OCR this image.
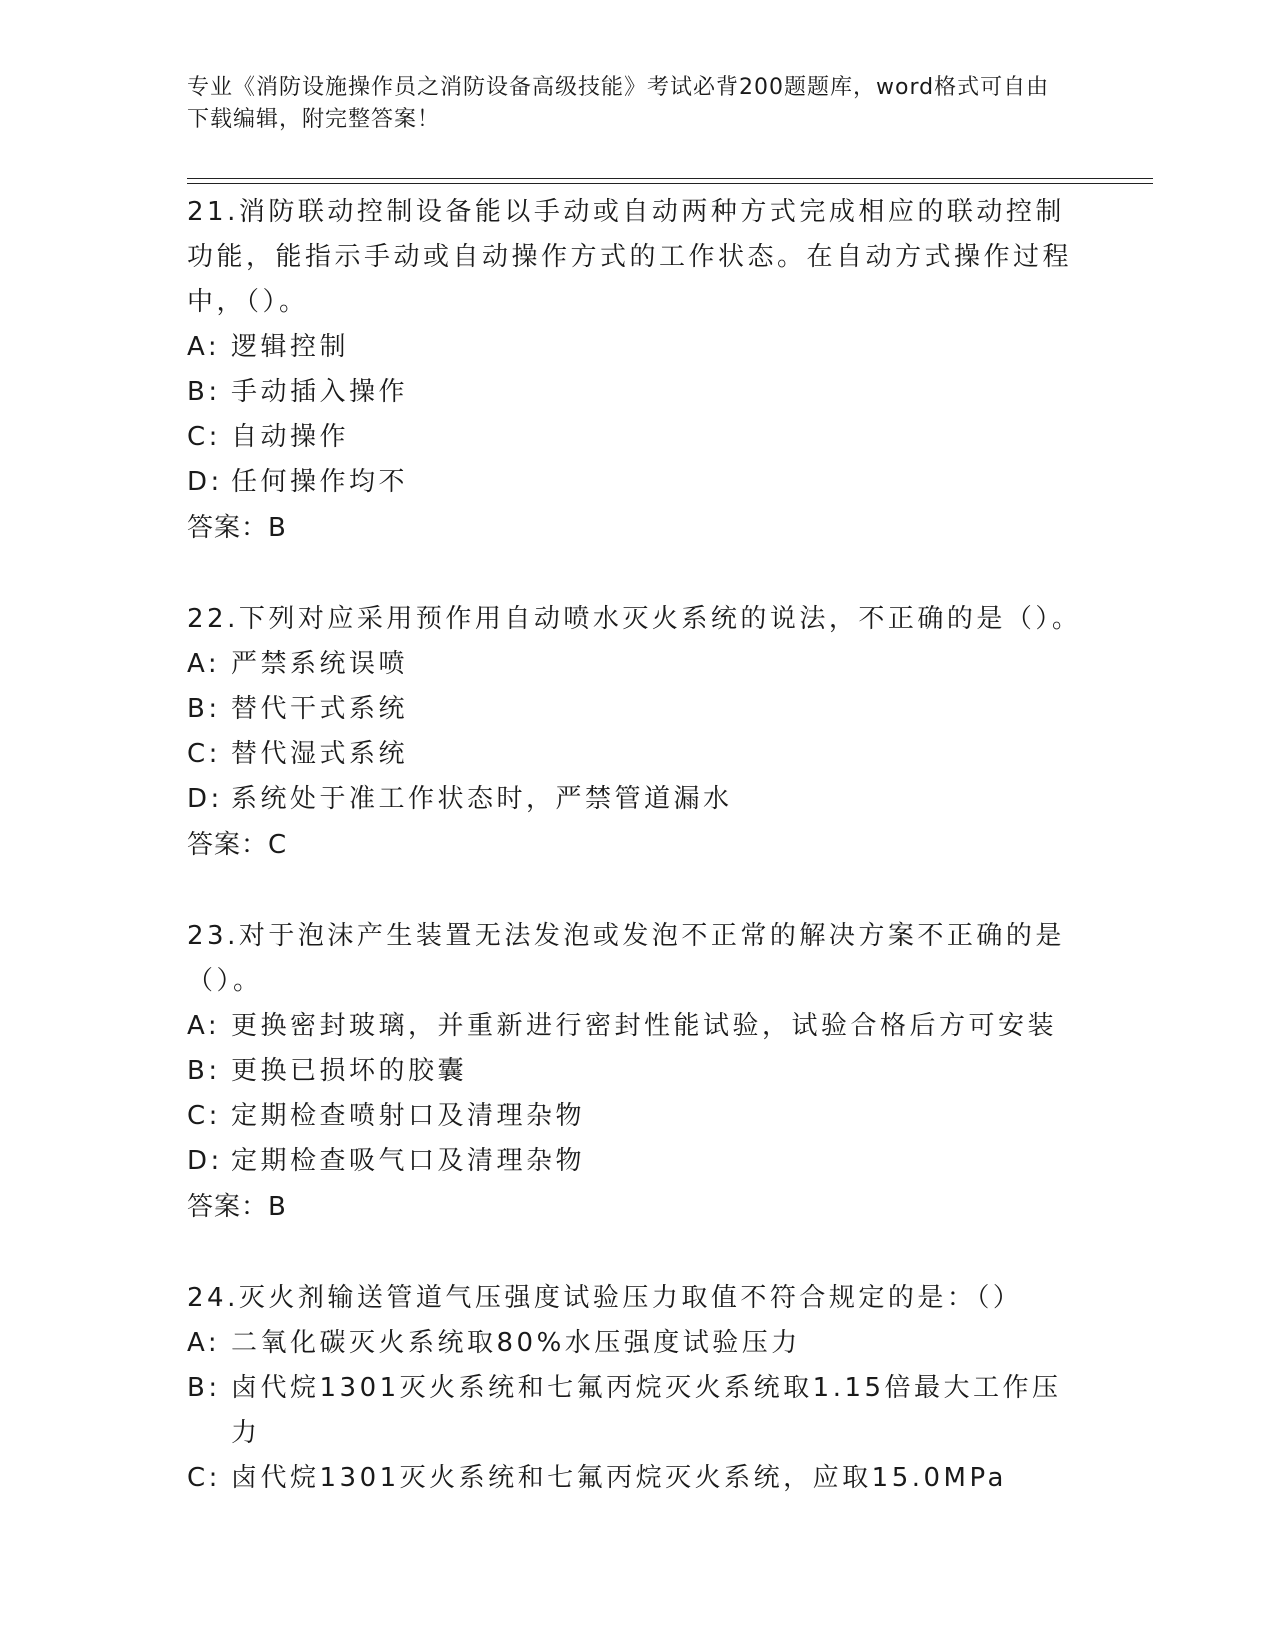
专业《消防设施操作员之消防设备高级技能》考试必背200题题库，word格式可自由下载编辑，附完整答案！

21.消防联动控制设备能以手动或自动两种方式完成相应的联动控制功能，能指示手动或自动操作方式的工作状态。在自动方式操作过程中，（）。

A: 逻辑控制
B: 手动插入操作
C: 自动操作
D: 任何操作均不
答案：B

22.下列对应采用预作用自动喷水灭火系统的说法，不正确的是（）。

A: 严禁系统误喷
B: 替代干式系统
C: 替代湿式系统
D: 系统处于准工作状态时，严禁管道漏水
答案：C

23.对于泡沫产生装置无法发泡或发泡不正常的解决方案不正确的是（）。

A: 更换密封玻璃，并重新进行密封性能试验，试验合格后方可安装
B: 更换已损坏的胶囊
C: 定期检查喷射口及清理杂物
D: 定期检查吸气口及清理杂物
答案：B

24.灭火剂输送管道气压强度试验压力取值不符合规定的是：（）

A: 二氧化碳灭火系统取80%水压强度试验压力
B: 卤代烷1301灭火系统和七氟丙烷灭火系统取1.15倍最大工作压力
C: 卤代烷1301灭火系统和七氟丙烷灭火系统，应取15.0MPa
